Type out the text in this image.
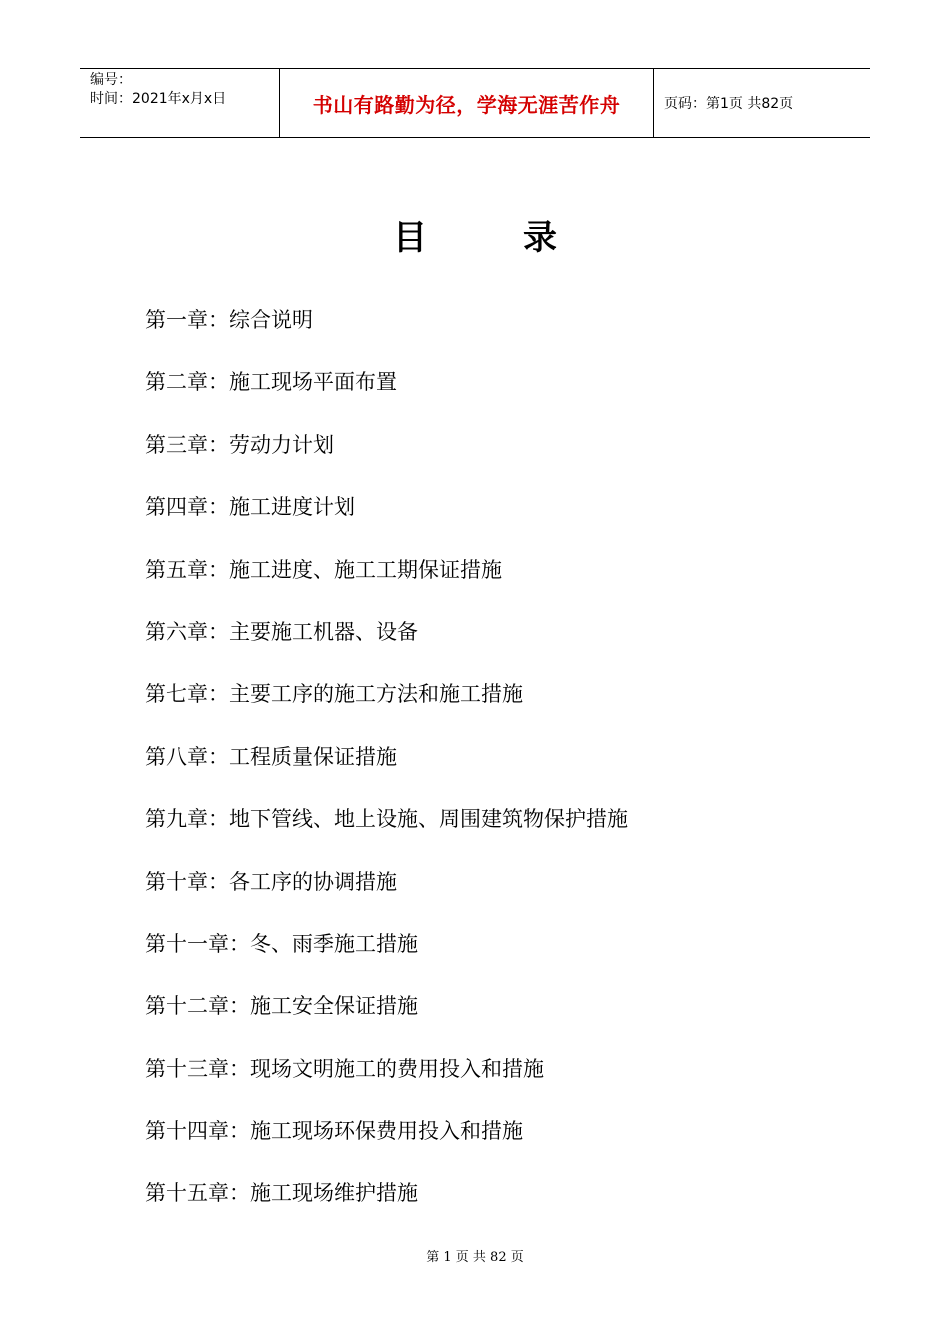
编号：
时间：2021年x月x日	书山有路勤为径，学海无涯苦作舟	页码：第1页 共82页
目录
第一章：综合说明
第二章：施工现场平面布置
第三章：劳动力计划
第四章：施工进度计划
第五章：施工进度、施工工期保证措施
第六章：主要施工机器、设备
第七章：主要工序的施工方法和施工措施
第八章：工程质量保证措施
第九章：地下管线、地上设施、周围建筑物保护措施
第十章：各工序的协调措施
第十一章：冬、雨季施工措施
第十二章：施工安全保证措施
第十三章：现场文明施工的费用投入和措施
第十四章：施工现场环保费用投入和措施
第十五章：施工现场维护措施
第 1 页 共 82 页
